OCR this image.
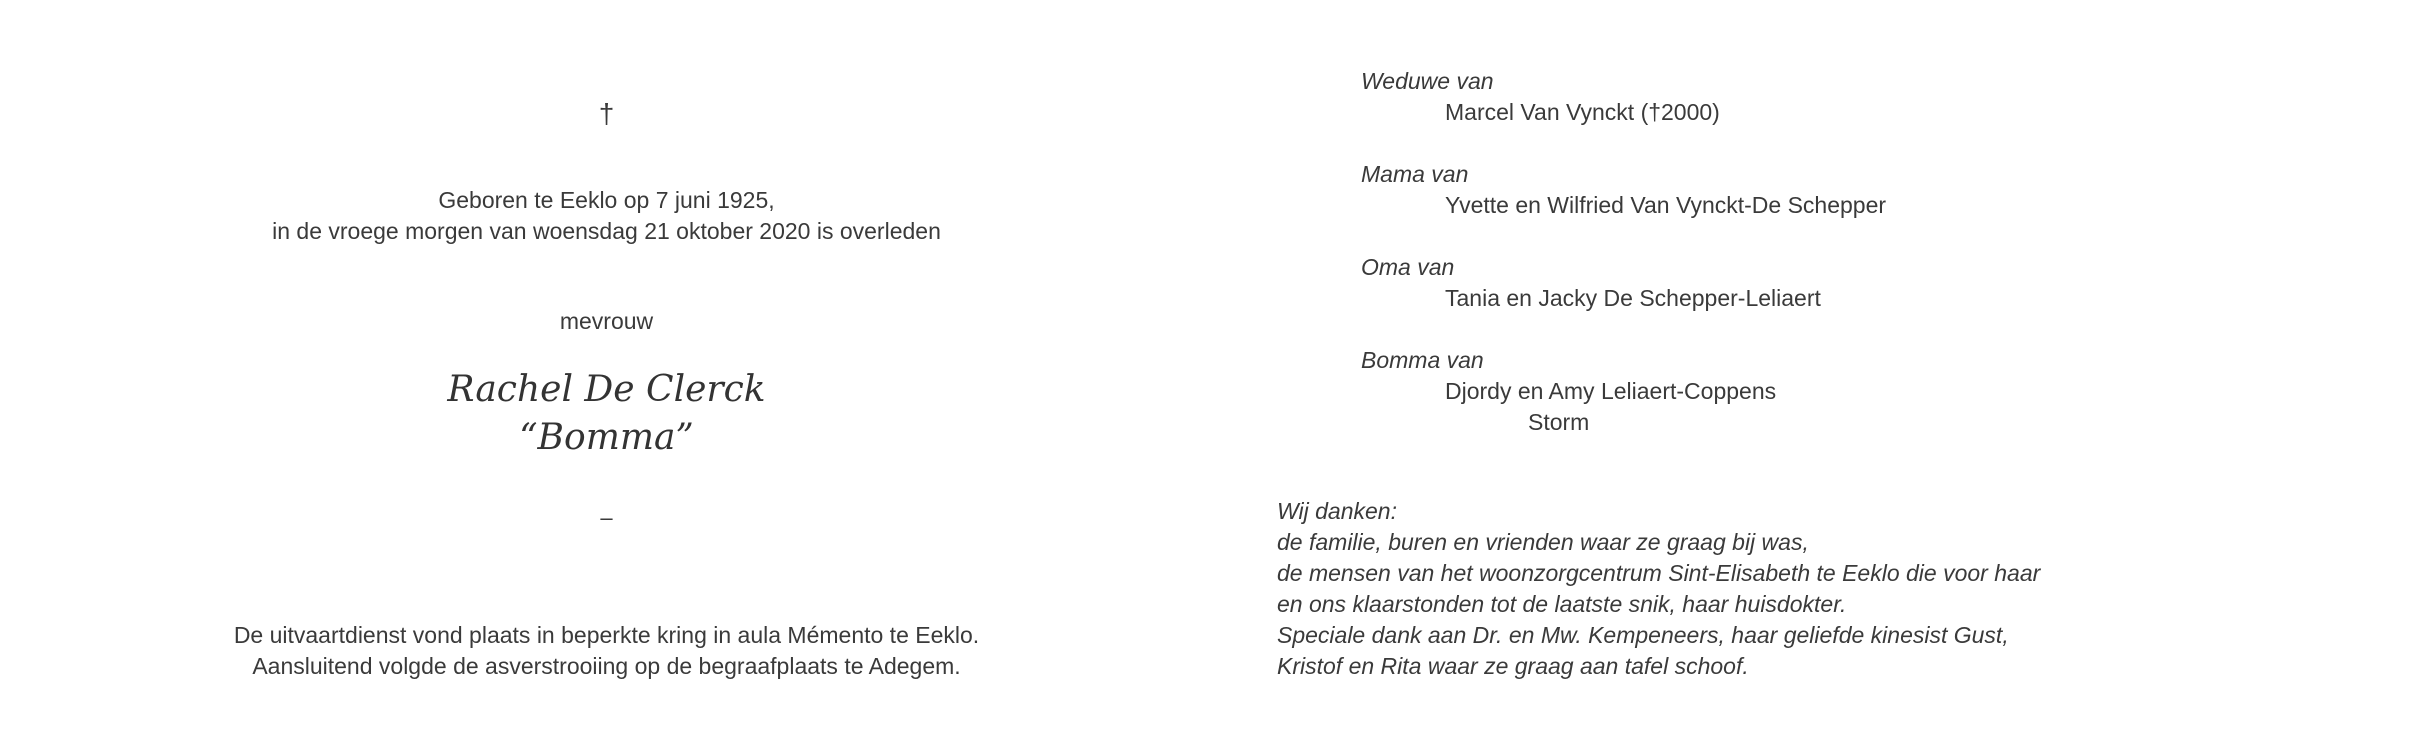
†
Geboren te Eeklo op 7 juni 1925,
in de vroege morgen van woensdag 21 oktober 2020 is overleden
mevrouw
Rachel De Clerck
“Bomma”
–
De uitvaartdienst vond plaats in beperkte kring in aula Mémento te Eeklo.
Aansluitend volgde de asverstrooiing op de begraafplaats te Adegem.
Weduwe van
Marcel Van Vynckt (†2000)
Mama van
Yvette en Wilfried Van Vynckt-De Schepper
Oma van
Tania en Jacky De Schepper-Leliaert
Bomma van
Djordy en Amy Leliaert-Coppens
Storm
Wij danken:
de familie, buren en vrienden waar ze graag bij was,
de mensen van het woonzorgcentrum Sint-Elisabeth te Eeklo die voor haar
en ons klaarstonden tot de laatste snik, haar huisdokter.
Speciale dank aan Dr. en Mw. Kempeneers, haar geliefde kinesist Gust,
Kristof en Rita waar ze graag aan tafel schoof.
